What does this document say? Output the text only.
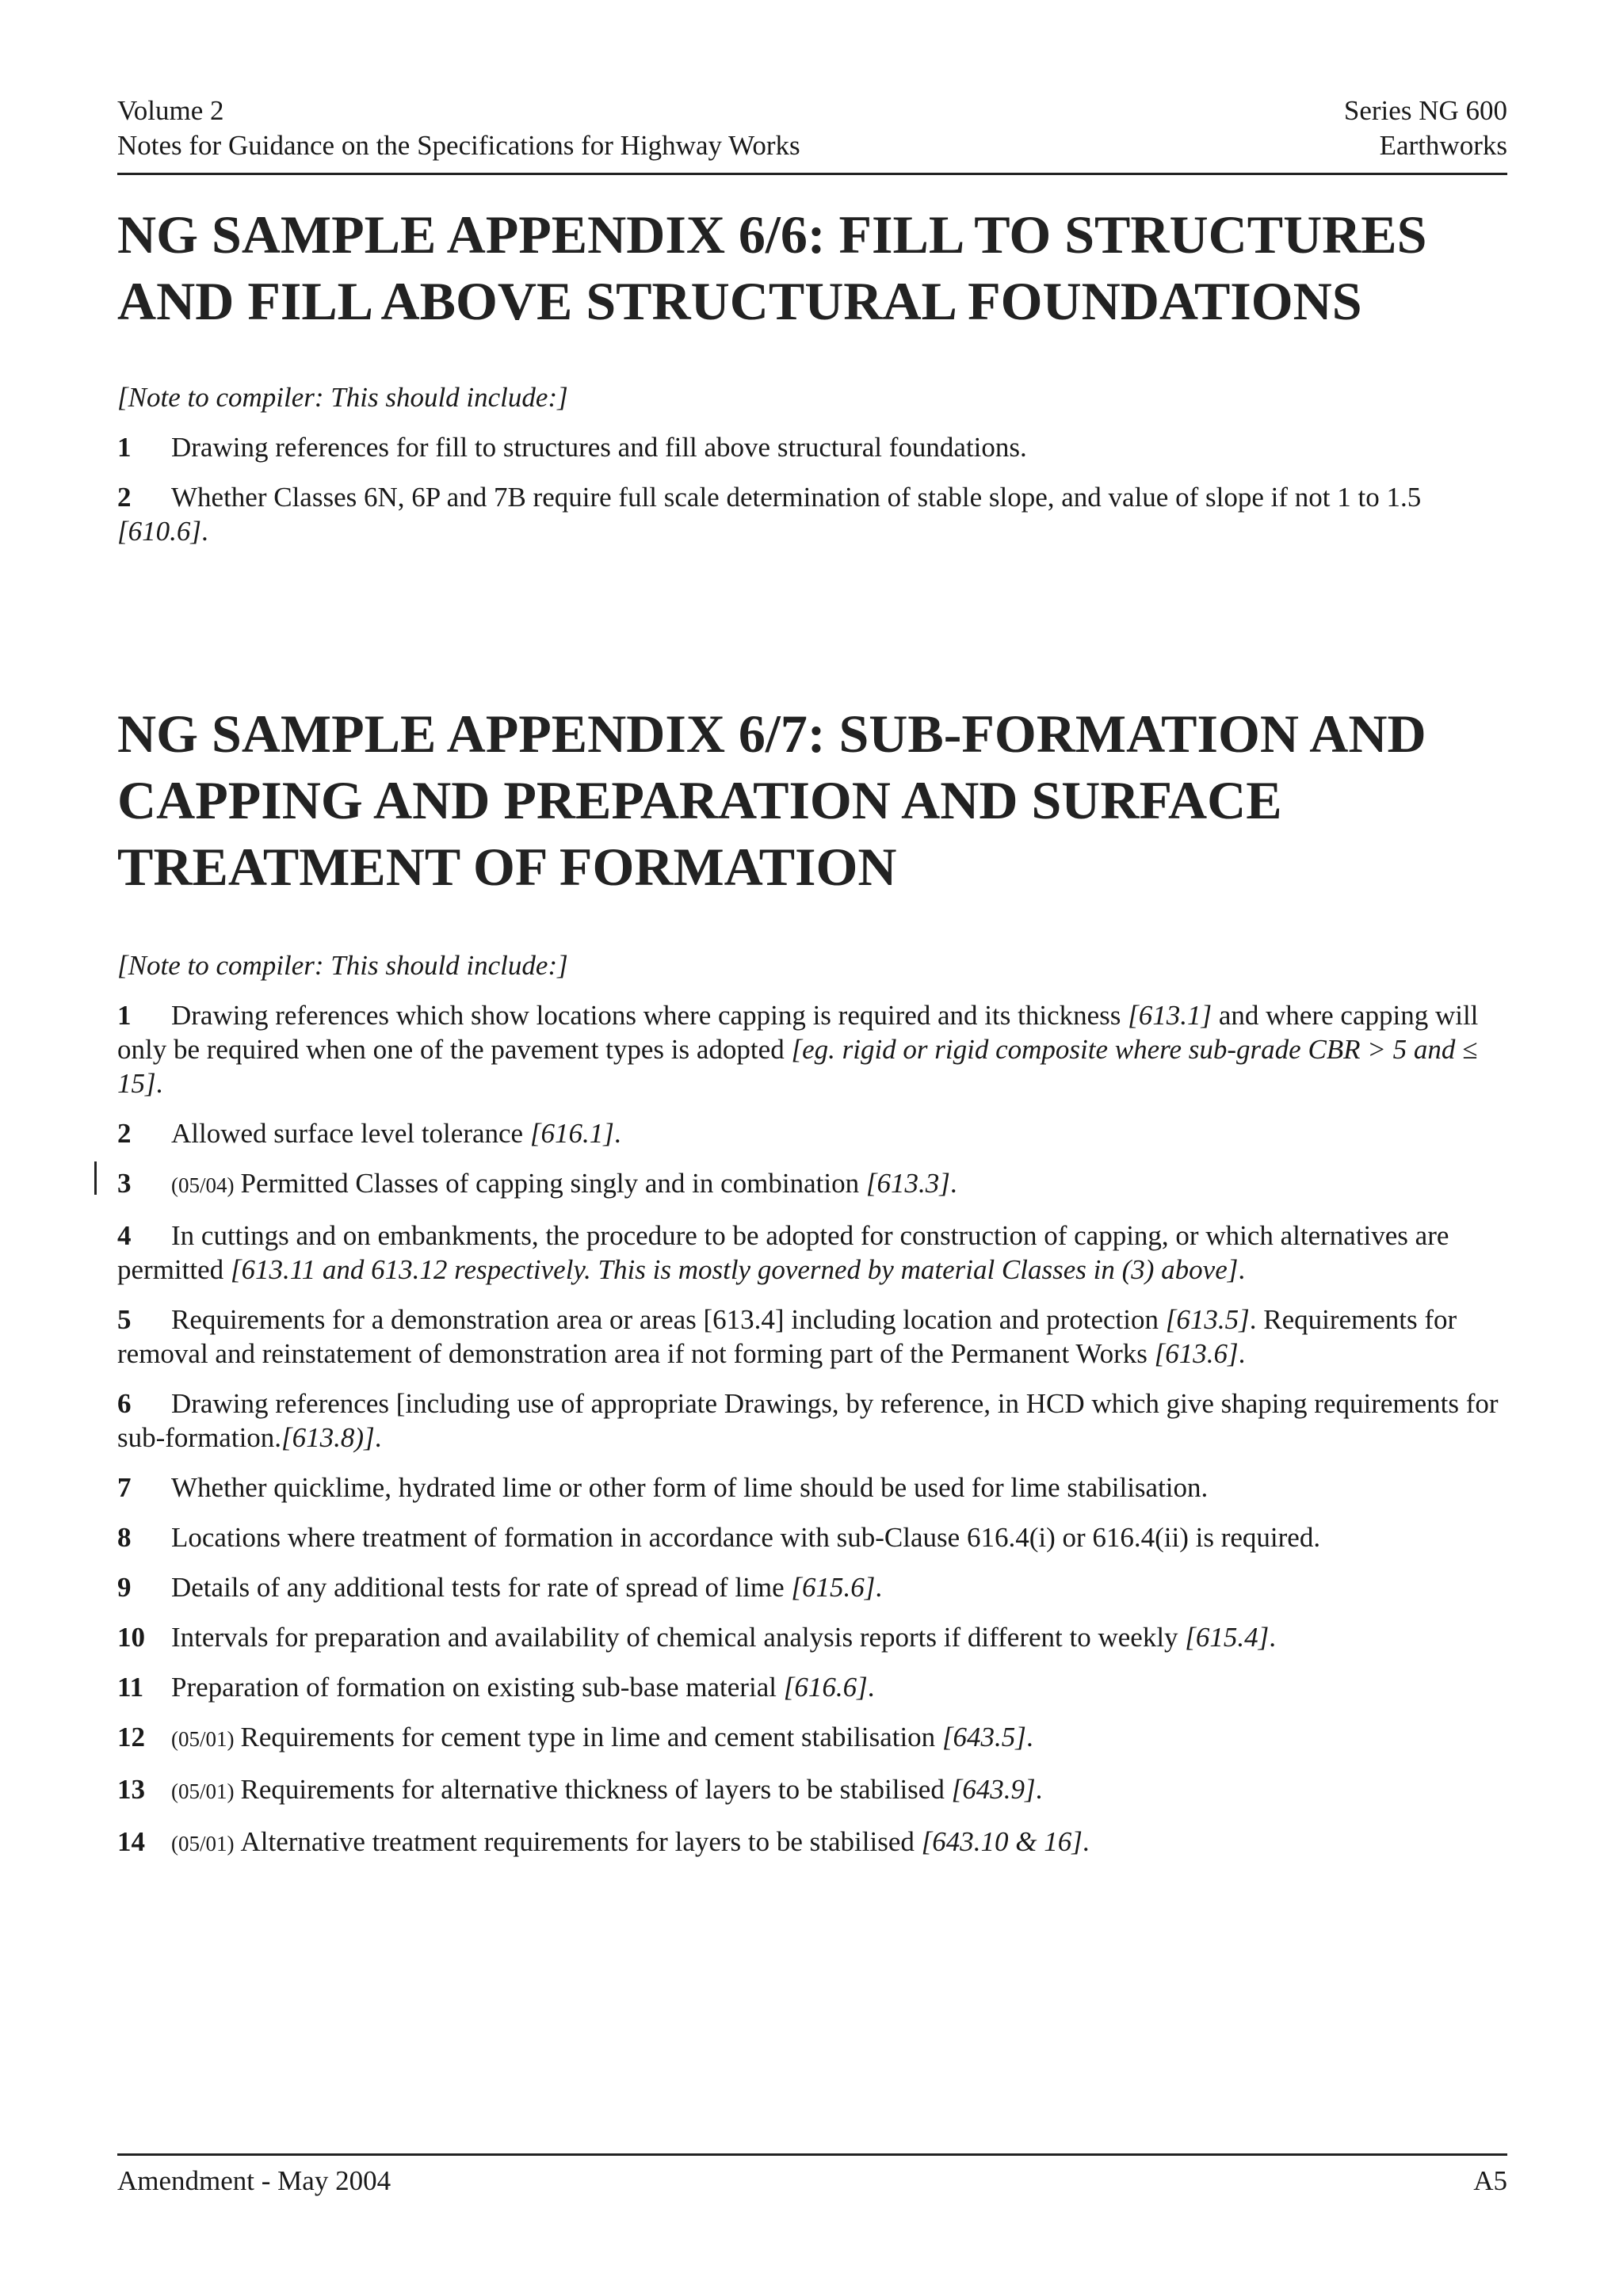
Volume 2
Notes for Guidance on the Specifications for Highway Works
Series NG 600
Earthworks
NG SAMPLE APPENDIX 6/6: FILL TO STRUCTURES AND FILL ABOVE STRUCTURAL FOUNDATIONS

[Note to compiler: This should include:]

1 Drawing references for fill to structures and fill above structural foundations.

2 Whether Classes 6N, 6P and 7B require full scale determination of stable slope, and value of slope if not 1 to 1.5 [610.6].

NG SAMPLE APPENDIX 6/7: SUB-FORMATION AND CAPPING AND PREPARATION AND SURFACE TREATMENT OF FORMATION

[Note to compiler: This should include:]

1 Drawing references which show locations where capping is required and its thickness [613.1] and where capping will only be required when one of the pavement types is adopted [eg. rigid or rigid composite where sub-grade CBR > 5 and ≤ 15].

2 Allowed surface level tolerance [616.1].

3 (05/04) Permitted Classes of capping singly and in combination [613.3].

4 In cuttings and on embankments, the procedure to be adopted for construction of capping, or which alternatives are permitted [613.11 and 613.12 respectively. This is mostly governed by material Classes in (3) above].

5 Requirements for a demonstration area or areas [613.4] including location and protection [613.5]. Requirements for removal and reinstatement of demonstration area if not forming part of the Permanent Works [613.6].

6 Drawing references [including use of appropriate Drawings, by reference, in HCD which give shaping requirements for sub-formation.[613.8)].

7 Whether quicklime, hydrated lime or other form of lime should be used for lime stabilisation.

8 Locations where treatment of formation in accordance with sub-Clause 616.4(i) or 616.4(ii) is required.

9 Details of any additional tests for rate of spread of lime [615.6].

10 Intervals for preparation and availability of chemical analysis reports if different to weekly [615.4].

11 Preparation of formation on existing sub-base material [616.6].

12 (05/01) Requirements for cement type in lime and cement stabilisation [643.5].

13 (05/01) Requirements for alternative thickness of layers to be stabilised [643.9].

14 (05/01) Alternative treatment requirements for layers to be stabilised [643.10 & 16].

Amendment - May 2004	A5
